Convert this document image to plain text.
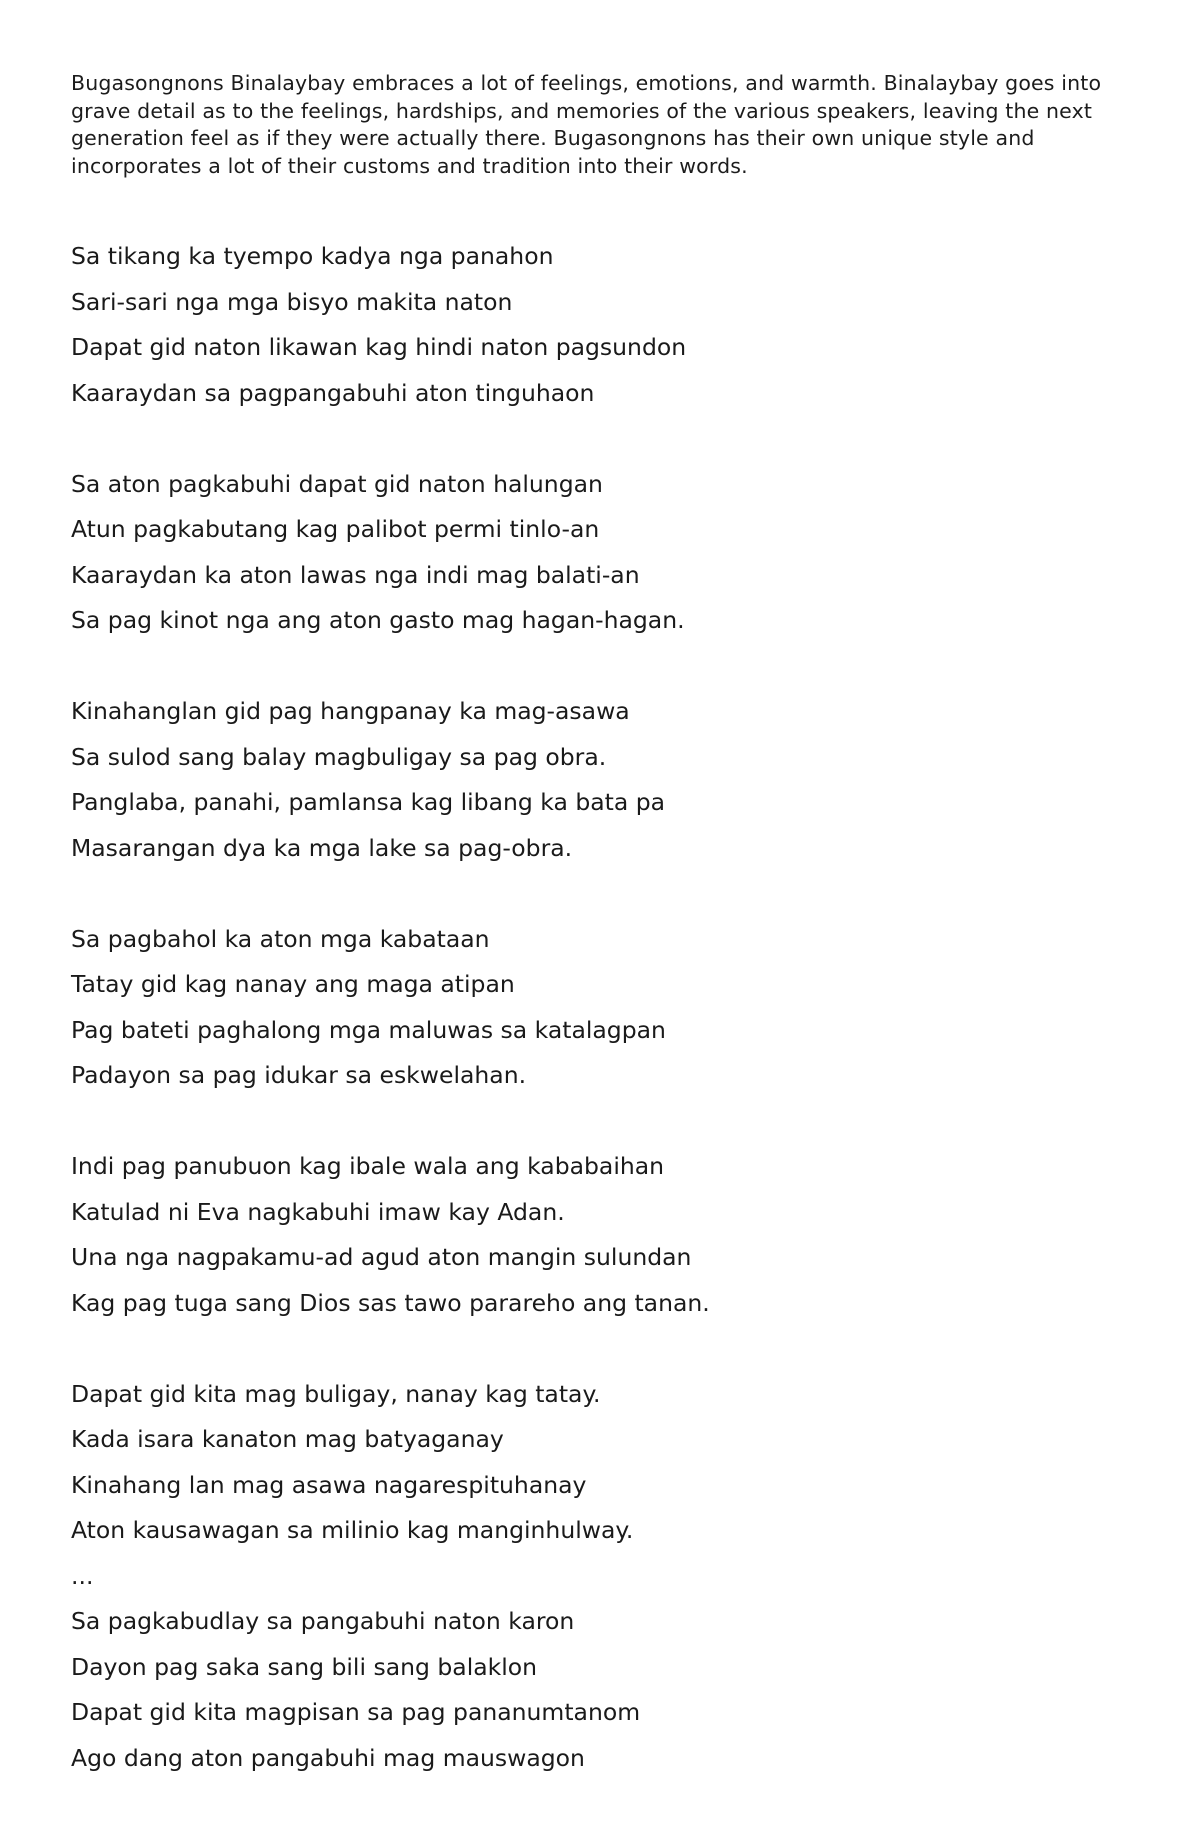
Bugasongnons Binalaybay embraces a lot of feelings, emotions, and warmth. Binalaybay goes into grave detail as to the feelings, hardships, and memories of the various speakers, leaving the next generation feel as if they were actually there. Bugasongnons has their own unique style and incorporates a lot of their customs and tradition into their words.

Sa tikang ka tyempo kadya nga panahon
Sari-sari nga mga bisyo makita naton
Dapat gid naton likawan kag hindi naton pagsundon
Kaaraydan sa pagpangabuhi aton tinguhaon
Sa aton pagkabuhi dapat gid naton halungan
Atun pagkabutang kag palibot permi tinlo-an
Kaaraydan ka aton lawas nga indi mag balati-an
Sa pag kinot nga ang aton gasto mag hagan-hagan.
Kinahanglan gid pag hangpanay ka mag-asawa
Sa sulod sang balay magbuligay sa pag obra.
Panglaba, panahi, pamlansa kag libang ka bata pa
Masarangan dya ka mga lake sa pag-obra.
Sa pagbahol ka aton mga kabataan
Tatay gid kag nanay ang maga atipan
Pag bateti paghalong mga maluwas sa katalagpan
Padayon sa pag idukar sa eskwelahan.
Indi pag panubuon kag ibale wala ang kababaihan
Katulad ni Eva nagkabuhi imaw kay Adan.
Una nga nagpakamu-ad agud aton mangin sulundan
Kag pag tuga sang Dios sas tawo parareho ang tanan.
Dapat gid kita mag buligay, nanay kag tatay.
Kada isara kanaton mag batyaganay
Kinahang lan mag asawa nagarespituhanay
Aton kausawagan sa milinio kag manginhulway.
...
Sa pagkabudlay sa pangabuhi naton karon
Dayon pag saka sang bili sang balaklon
Dapat gid kita magpisan sa pag pananumtanom
Ago dang aton pangabuhi mag mauswagon
